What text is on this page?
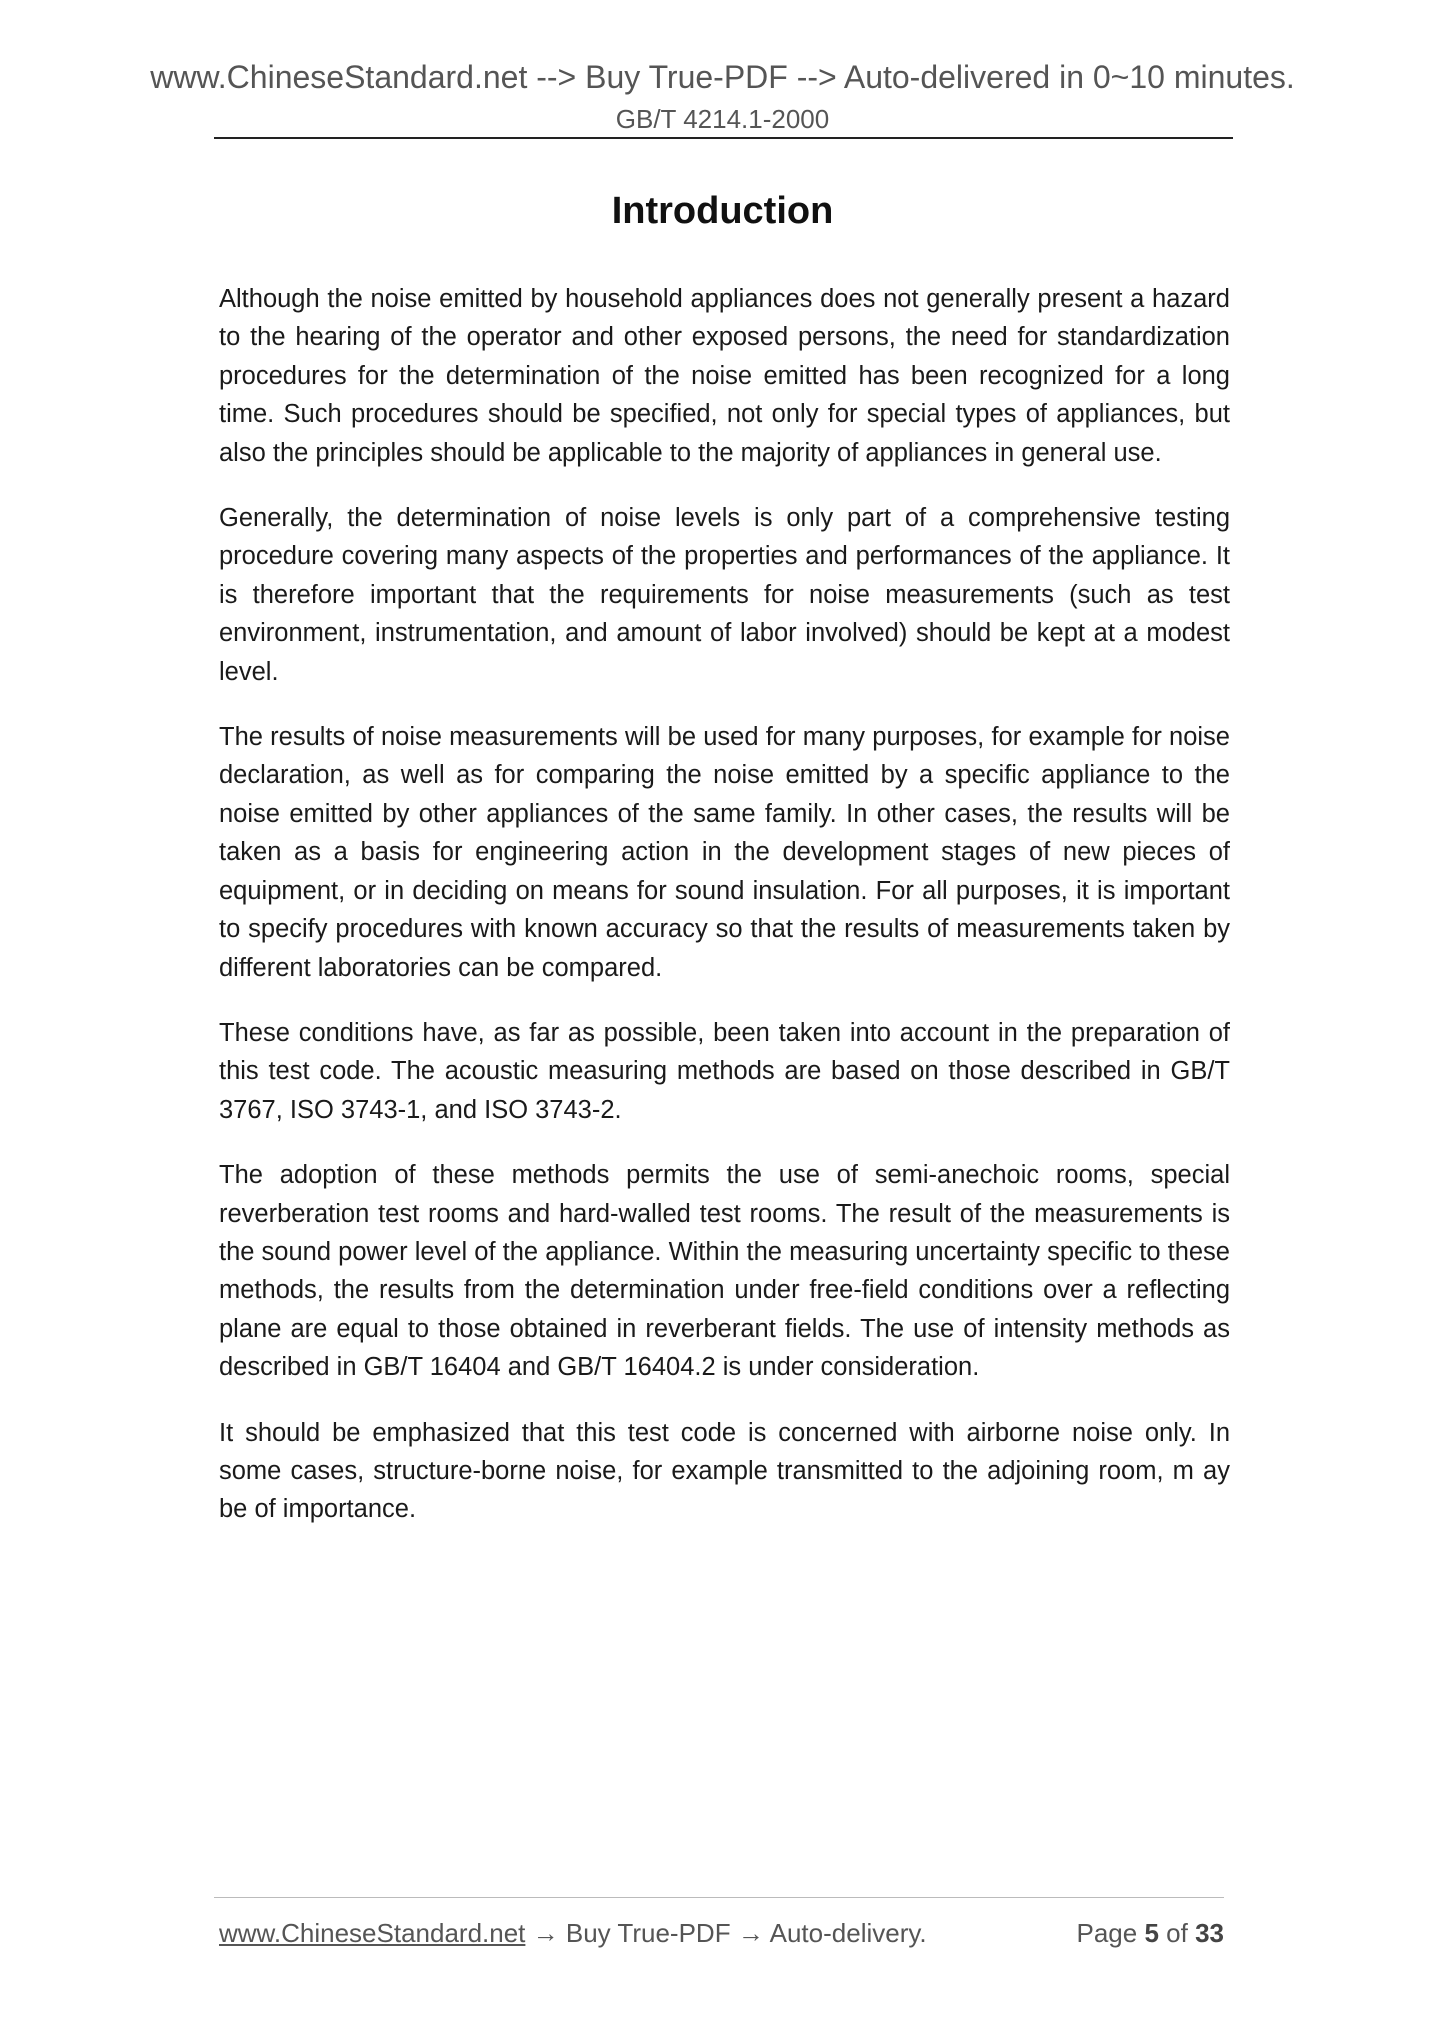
www.ChineseStandard.net --> Buy True-PDF --> Auto-delivered in 0~10 minutes.
GB/T 4214.1-2000
Introduction

Although the noise emitted by household appliances does not generally present a hazard to the hearing of the operator and other exposed persons, the need for standardization procedures for the determination of the noise emitted has been recognized for a long time. Such procedures should be specified, not only for special types of appliances, but also the principles should be applicable to the majority of appliances in general use.

Generally, the determination of noise levels is only part of a comprehensive testing procedure covering many aspects of the properties and performances of the appliance. It is therefore important that the requirements for noise measurements (such as test environment, instrumentation, and amount of labor involved) should be kept at a modest level.

The results of noise measurements will be used for many purposes, for example for noise declaration, as well as for comparing the noise emitted by a specific appliance to the noise emitted by other appliances of the same family. In other cases, the results will be taken as a basis for engineering action in the development stages of new pieces of equipment, or in deciding on means for sound insulation. For all purposes, it is important to specify procedures with known accuracy so that the results of measurements taken by different laboratories can be compared.

These conditions have, as far as possible, been taken into account in the preparation of this test code. The acoustic measuring methods are based on those described in GB/T 3767, ISO 3743-1, and ISO 3743-2.

The adoption of these methods permits the use of semi-anechoic rooms, special reverberation test rooms and hard-walled test rooms. The result of the measurements is the sound power level of the appliance. Within the measuring uncertainty specific to these methods, the results from the determination under free-field conditions over a reflecting plane are equal to those obtained in reverberant fields. The use of intensity methods as described in GB/T 16404 and GB/T 16404.2 is under consideration.

It should be emphasized that this test code is concerned with airborne noise only. In some cases, structure-borne noise, for example transmitted to the adjoining room, m ay be of importance.

www.ChineseStandard.net → Buy True-PDF → Auto-delivery.	Page 5 of 33
